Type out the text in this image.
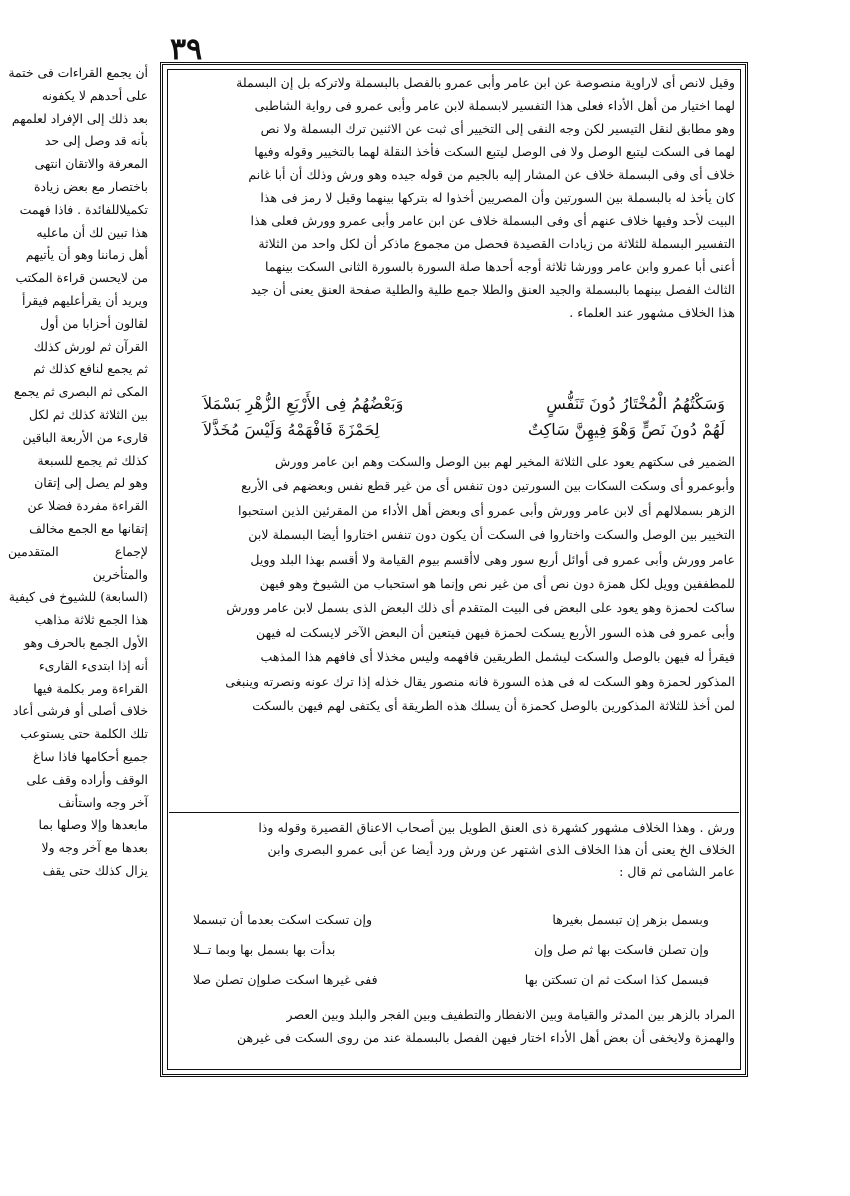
٣٩

أن يجمع القراءات فى ختمة

على أحدهم لا يكفونه

بعد ذلك إلى الإفراد لعلمهم

بأنه قد وصل إلى حد

المعرفة والاتقان انتهى

باختصار مع بعض زيادة

تكميلاللفائدة . فاذا فهمت

هذا تبين لك أن ماعليه

أهل زماننا وهو أن يأتيهم

من لايحسن قراءة المكتب

ويريد أن يقرأعليهم فيقرأ

لقالون أحزابا من أول

القرآن ثم لورش كذلك

ثم يجمع لنافع كذلك ثم

المكى ثم البصرى ثم يجمع

بين الثلاثة كذلك ثم لكل

قارىء من الأربعة الباقين

كذلك ثم يجمع للسبعة

وهو لم يصل إلى إتقان

القراءة مفردة فضلا عن

إتقانها مع الجمع مخالف

لإجماع المتقدمين والمتأخرين

(السابعة) للشيوخ فى كيفية

هذا الجمع ثلاثة مذاهب

الأول الجمع بالحرف وهو

أنه إذا ابتدىء القارىء

القراءة ومر بكلمة فيها

خلاف أصلى أو فرشى أعاد

تلك الكلمة حتى يستوعب

جميع أحكامها فاذا ساغ

الوقف وأراده وقف على

آخر وجه واستأنف

مابعدها وإلا وصلها بما

بعدها مع آخر وجه ولا

يزال كذلك حتى يقف

وقيل لانص أى لاراوية منصوصة عن ابن عامر وأبى عمرو بالفصل بالبسملة ولاتركه بل إن البسملة

لهما اختيار من أهل الأداء فعلى هذا التفسير لابسملة لابن عامر وأبى عمرو فى رواية الشاطبى

وهو مطابق لنقل التيسير لكن وجه النفى إلى التخيير أى ثبت عن الاثنين ترك البسملة ولا نص

لهما فى السكت ليتبع الوصل ولا فى الوصل ليتبع السكت فأخذ النقلة لهما بالتخيير وقوله وفيها

خلاف أى وفى البسملة خلاف عن المشار إليه بالجيم من قوله جيده وهو ورش وذلك أن أبا غانم

كان يأخذ له بالبسملة بين السورتين وأن المصريين أخذوا له بتركها بينهما وقيل لا رمز فى هذا

البيت لأحد وفيها خلاف عنهم أى وفى البسملة خلاف عن ابن عامر وأبى عمرو وورش فعلى هذا

التفسير البسملة للثلاثة من زيادات القصيدة فحصل من مجموع ماذكر أن لكل واحد من الثلاثة

أعنى أبا عمرو وابن عامر وورشا ثلاثة أوجه أحدها صلة السورة بالسورة الثانى السكت بينهما

الثالث الفصل بينهما بالبسملة والجيد العنق والطلا جمع طلية والطلية صفحة العنق يعنى أن جيد

هذا الخلاف مشهور عند العلماء .

وَسَكْتُهُمُ الْمُخْتَارُ دُونَ تَنَفُّسٍ
وَبَعْضُهُمُ فِى الأَرْبَعِ الزُّهْرِ بَسْمَلاَ
لَهُمْ دُونَ نَصٍّ وَهْوَ فِيهِنَّ سَاكِتٌ
لِحَمْزَةَ فَافْهَمْهُ وَلَيْسَ مُخَذَّلاَ

الضمير فى سكتهم يعود على الثلاثة المخير لهم بين الوصل والسكت وهم ابن عامر وورش

وأبوعمرو أى وسكت السكات بين السورتين دون تنفس أى من غير قطع نفس وبعضهم فى الأربع

الزهر بسملالهم أى لابن عامر وورش وأبى عمرو أى وبعض أهل الأداء من المقرئين الذين استحبوا

التخيير بين الوصل والسكت واختاروا فى السكت أن يكون دون تنفس اختاروا أيضا البسملة لابن

عامر وورش وأبى عمرو فى أوائل أربع سور وهى لاأقسم بيوم القيامة ولا أقسم بهذا البلد وويل

للمطففين وويل لكل همزة دون نص أى من غير نص وإنما هو استحباب من الشيوخ وهو فيهن

ساكت لحمزة وهو يعود على البعض فى البيت المتقدم أى ذلك البعض الذى بسمل لابن عامر وورش

وأبى عمرو فى هذه السور الأربع يسكت لحمزة فيهن فيتعين أن البعض الآخر لايسكت له فيهن

فيقرأ له فيهن بالوصل والسكت ليشمل الطريقين فافهمه وليس مخذلا أى فافهم هذا المذهب

المذكور لحمزة وهو السكت له فى هذه السورة فانه منصور يقال خذله إذا ترك عونه ونصرته وينبغى

لمن أخذ للثلاثة المذكورين بالوصل كحمزة أن يسلك هذه الطريقة أى يكتفى لهم فيهن بالسكت

ورش . وهذا الخلاف مشهور كشهرة ذى العنق الطويل بين أصحاب الاعناق القصيرة وقوله وذا

الخلاف الخ يعنى أن هذا الخلاف الذى اشتهر عن ورش ورد أيضا عن أبى عمرو البصرى وابن

عامر الشامى ثم قال :

وبسمل بزهر إن تبسمل بغيرها
وإن تسكت اسكت بعدما أن تبسملا
وإن تصلن فاسكت بها ثم صل وإن
بدأت بها بسمل بها وبما تــلا
فبسمل كذا اسكت ثم ان تسكتن بها
ففى غيرها اسكت صلوإن تصلن صلا

المراد بالزهر بين المدثر والقيامة وبين الانفطار والتطفيف وبين الفجر والبلد وبين العصر

والهمزة ولايخفى أن بعض أهل الأداء اختار فيهن الفصل بالبسملة عند من روى السكت فى غيرهن
